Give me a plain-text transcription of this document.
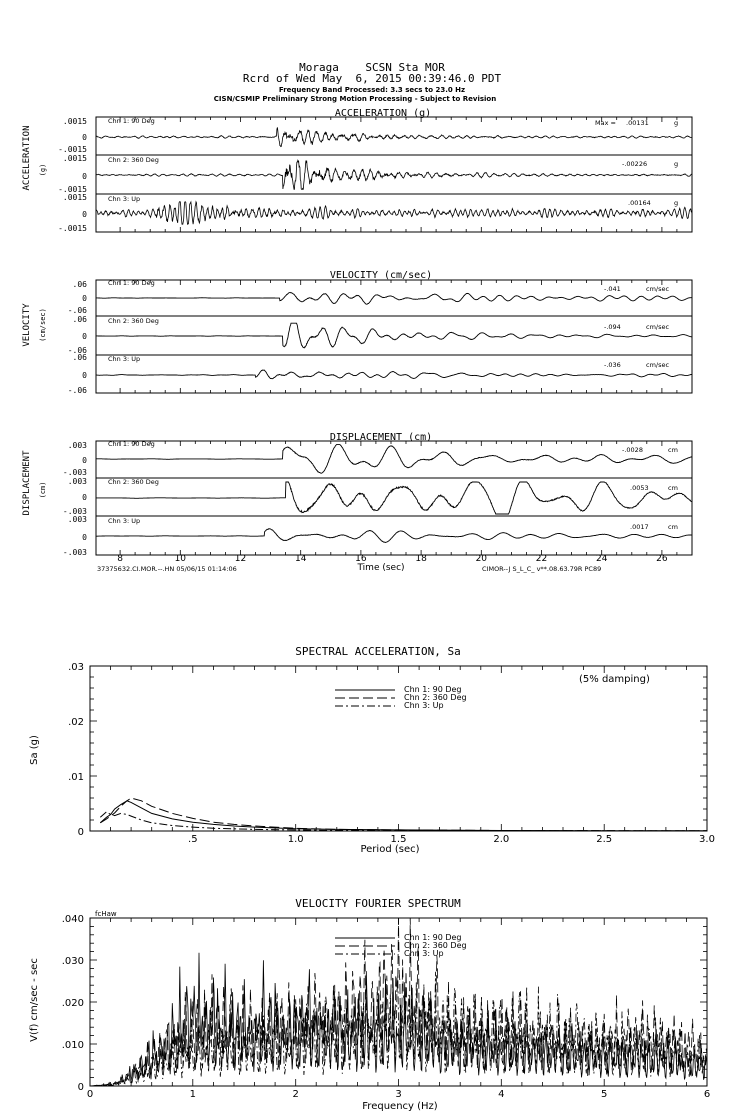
Moraga    SCSN Sta MOR
Rcrd of Wed May  6, 2015 00:39:46.0 PDT
Frequency Band Processed: 3.3 secs to 23.0 Hz
CISN/CSMIP Preliminary Strong Motion Processing - Subject to Revision
ACCELERATION (g)
ACCELERATION (g)
.0015
0
Chn 1: 90 Deg	Max = .00131	g
-.0015
.0015
0
Chn 2: 360 Deg	-.00226	g
-.0015
.0015
0
-.0015
Chn 3: Up	.00164	g
VELOCITY (cm/sec)
VELOCITY (cm/sec)
.06
0
Chn 1: 90 Deg
-.041	cm/sec
-.06
.06
0
Chn 2: 360 Deg
-.094	cm/sec
-.06
.06
0
-.06
Chn 3: Up
-.036	cm/sec
DISPLACEMENT (cm)
DISPLACEMENT (cm)
.003
0
Chn 1: 90 Deg
-.0028	cm
-.003
.003
0
Chn 2: 360 Deg
.0053	cm
-.003
.003
0
-.003
Chn 3: Up
.0017	cm
8	10	12	14	16	18	20	22	24	26
Time (sec)
37375632.CI.MOR.--.HN 05/06/15 01:14:06	CIMOR--J S_L_C_ v**.08.63.79R PC89
SPECTRAL ACCELERATION, Sa
.5	1.0	1.5	2.0	2.5	3.0
0
.01
.02
.03
Period (sec)
Sa (g)
(5% damping)
Chn 1: 90 Deg
Chn 2: 360 Deg
Chn 3: Up
VELOCITY FOURIER SPECTRUM
fcHaw
0	1	2	3	4	5	6
0
.010
.020
.030
.040
Frequency (Hz)
V(f) cm/sec - sec
Chn 1: 90 Deg
Chn 2: 360 Deg
Chn 3: Up
